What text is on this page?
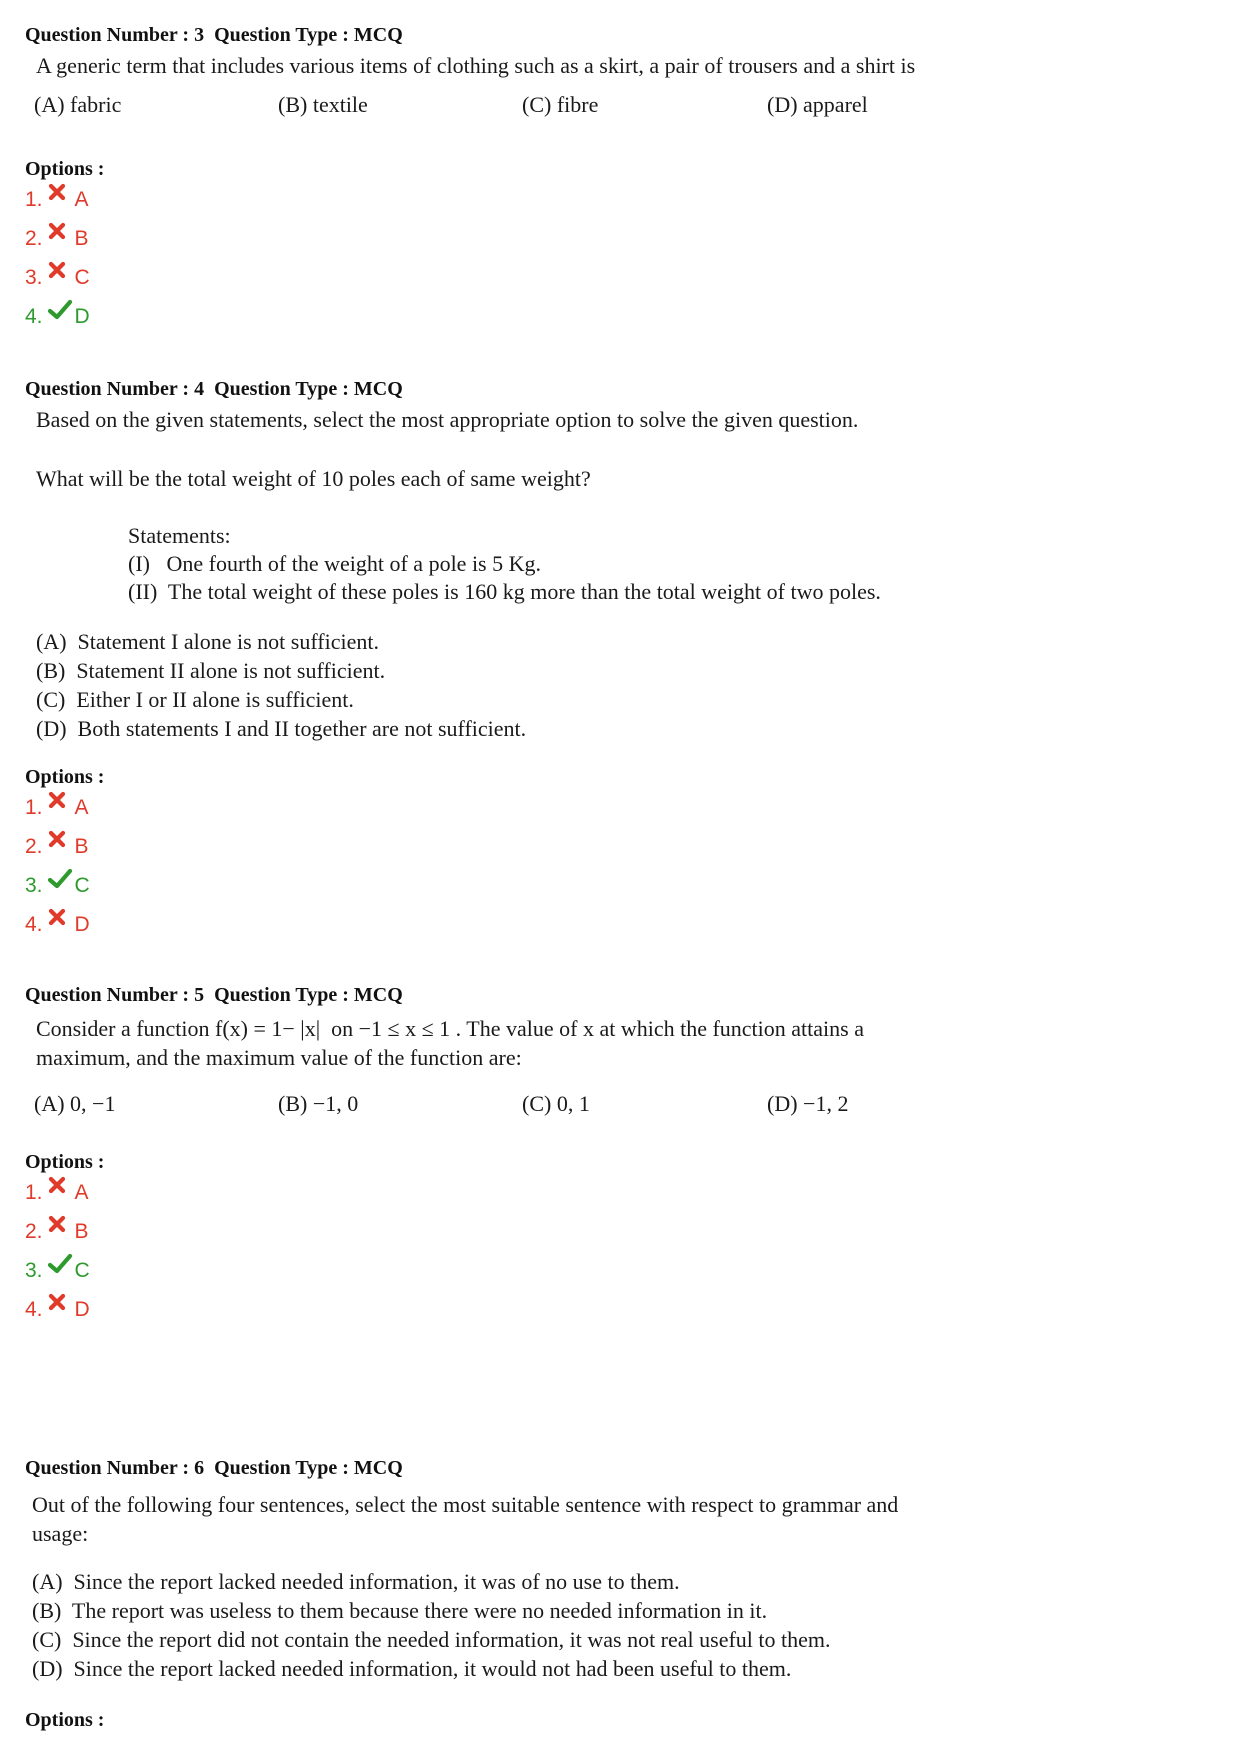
Question Number : 3 Question Type : MCQ
A generic term that includes various items of clothing such as a skirt, a pair of trousers and a shirt is
(A) fabric	(B) textile	(C) fibre	(D) apparel
Options :
1. A
2. B
3. C
4. D
Question Number : 4 Question Type : MCQ
Based on the given statements, select the most appropriate option to solve the given question.
What will be the total weight of 10 poles each of same weight?
Statements:
(I)   One fourth of the weight of a pole is 5 Kg.
(II)  The total weight of these poles is 160 kg more than the total weight of two poles.
(A)  Statement I alone is not sufficient.
(B)  Statement II alone is not sufficient.
(C)  Either I or II alone is sufficient.
(D)  Both statements I and II together are not sufficient.
Options :
1. A
2. B
3. C
4. D
Question Number : 5 Question Type : MCQ
Consider a function f(x) = 1− |x|  on −1 ≤ x ≤ 1 . The value of x at which the function attains a
maximum, and the maximum value of the function are:
(A) 0, −1	(B) −1, 0	(C) 0, 1	(D) −1, 2
Options :
1. A
2. B
3. C
4. D
Question Number : 6 Question Type : MCQ
Out of the following four sentences, select the most suitable sentence with respect to grammar and
usage:
(A)  Since the report lacked needed information, it was of no use to them.
(B)  The report was useless to them because there were no needed information in it.
(C)  Since the report did not contain the needed information, it was not real useful to them.
(D)  Since the report lacked needed information, it would not had been useful to them.
Options :
